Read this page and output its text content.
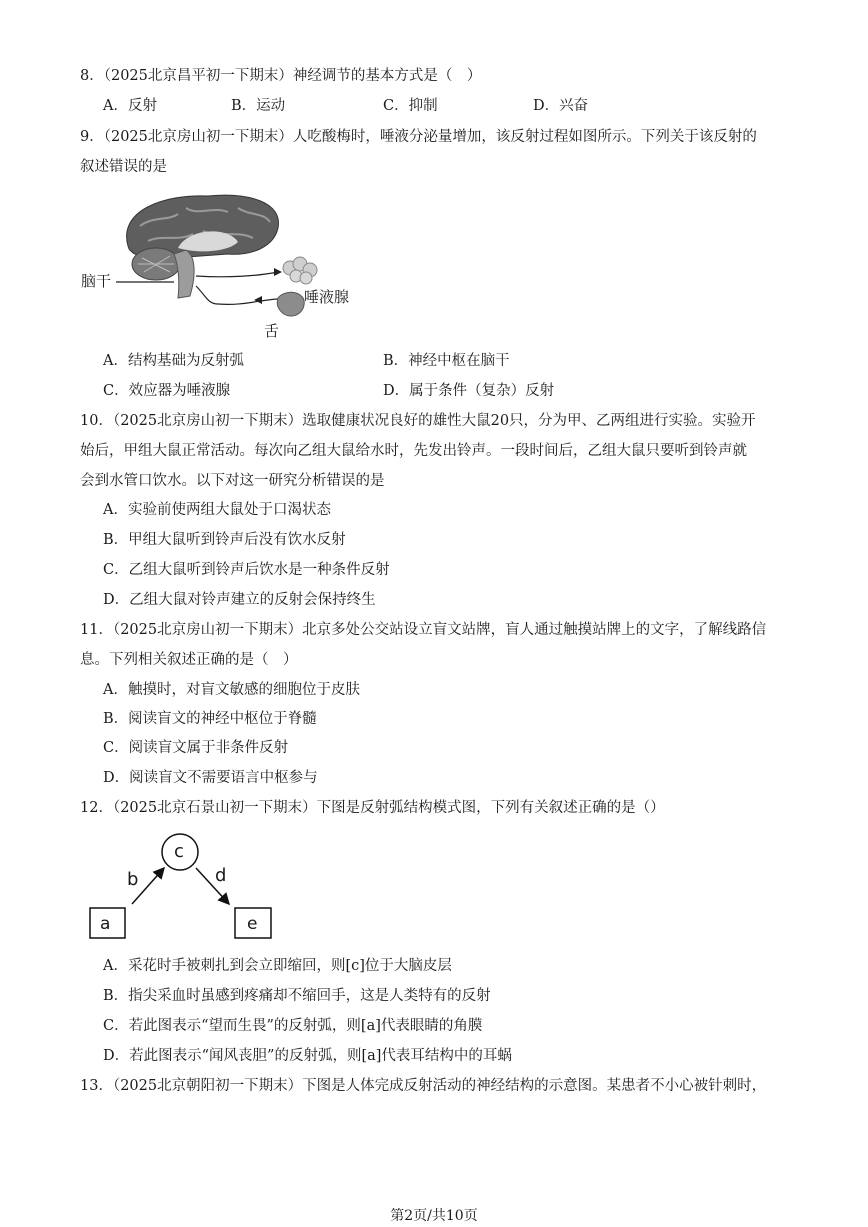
8．（2025北京昌平初一下期末）神经调节的基本方式是（　）
A．反射	B．运动	C．抑制	D．兴奋
9．（2025北京房山初一下期末）人吃酸梅时，唾液分泌量增加，该反射过程如图所示。下列关于该反射的
叙述错误的是
脑干
唾液腺
舌
A．结构基础为反射弧	B．神经中枢在脑干
C．效应器为唾液腺	D．属于条件（复杂）反射
10．（2025北京房山初一下期末）选取健康状况良好的雄性大鼠20只，分为甲、乙两组进行实验。实验开
始后，甲组大鼠正常活动。每次向乙组大鼠给水时，先发出铃声。一段时间后，乙组大鼠只要听到铃声就
会到水管口饮水。以下对这一研究分析错误的是
A．实验前使两组大鼠处于口渴状态
B．甲组大鼠听到铃声后没有饮水反射
C．乙组大鼠听到铃声后饮水是一种条件反射
D．乙组大鼠对铃声建立的反射会保持终生
11．（2025北京房山初一下期末）北京多处公交站设立盲文站牌，盲人通过触摸站牌上的文字，了解线路信
息。下列相关叙述正确的是（　）
A．触摸时，对盲文敏感的细胞位于皮肤
B．阅读盲文的神经中枢位于脊髓
C．阅读盲文属于非条件反射
D．阅读盲文不需要语言中枢参与
12．（2025北京石景山初一下期末）下图是反射弧结构模式图，下列有关叙述正确的是（）
c
b	d
a	e
A．采花时手被刺扎到会立即缩回，则[c]位于大脑皮层
B．指尖采血时虽感到疼痛却不缩回手，这是人类特有的反射
C．若此图表示“望而生畏”的反射弧，则[a]代表眼睛的角膜
D．若此图表示“闻风丧胆”的反射弧，则[a]代表耳结构中的耳蜗
13．（2025北京朝阳初一下期末）下图是人体完成反射活动的神经结构的示意图。某患者不小心被针刺时，
第2页/共10页
